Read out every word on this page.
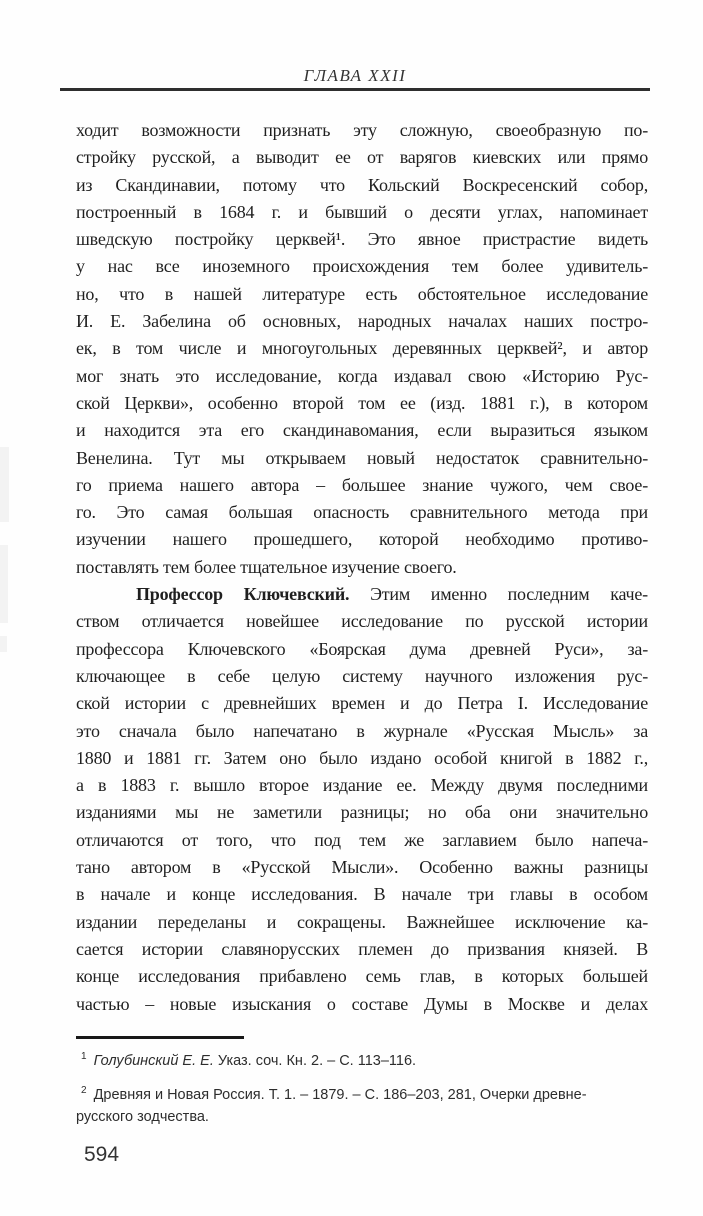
ГЛАВА XXII
ходит возможности признать эту сложную, своеобразную по-
стройку русской, а выводит ее от варягов киевских или прямо
из Скандинавии, потому что Кольский Воскресенский собор,
построенный в 1684 г. и бывший о десяти углах, напоминает
шведскую постройку церквей¹. Это явное пристрастие видеть
у нас все иноземного происхождения тем более удивитель-
но, что в нашей литературе есть обстоятельное исследование
И. Е. Забелина об основных, народных началах наших постро-
ек, в том числе и многоугольных деревянных церквей², и автор
мог знать это исследование, когда издавал свою «Историю Рус-
ской Церкви», особенно второй том ее (изд. 1881 г.), в котором
и находится эта его скандинавомания, если выразиться языком
Венелина. Тут мы открываем новый недостаток сравнительно-
го приема нашего автора – большее знание чужого, чем свое-
го. Это самая большая опасность сравнительного метода при
изучении нашего прошедшего, которой необходимо противо-
поставлять тем более тщательное изучение своего.
Профессор Ключевский. Этим именно последним каче-
ством отличается новейшее исследование по русской истории
профессора Ключевского «Боярская дума древней Руси», за-
ключающее в себе целую систему научного изложения рус-
ской истории с древнейших времен и до Петра I. Исследование
это сначала было напечатано в журнале «Русская Мысль» за
1880 и 1881 гг. Затем оно было издано особой книгой в 1882 г.,
а в 1883 г. вышло второе издание ее. Между двумя последними
изданиями мы не заметили разницы; но оба они значительно
отличаются от того, что под тем же заглавием было напеча-
тано автором в «Русской Мысли». Особенно важны разницы
в начале и конце исследования. В начале три главы в особом
издании переделаны и сокращены. Важнейшее исключение ка-
сается истории славянорусских племен до призвания князей. В
конце исследования прибавлено семь глав, в которых большей
частью – новые изыскания о составе Думы в Москве и делах
$^1$ Голубинский Е. Е. Указ. соч. Кн. 2. – С. 113–116.
$^2$ Древняя и Новая Россия. Т. 1. – 1879. – С. 186–203, 281, Очерки древне-
русского зодчества.
594
